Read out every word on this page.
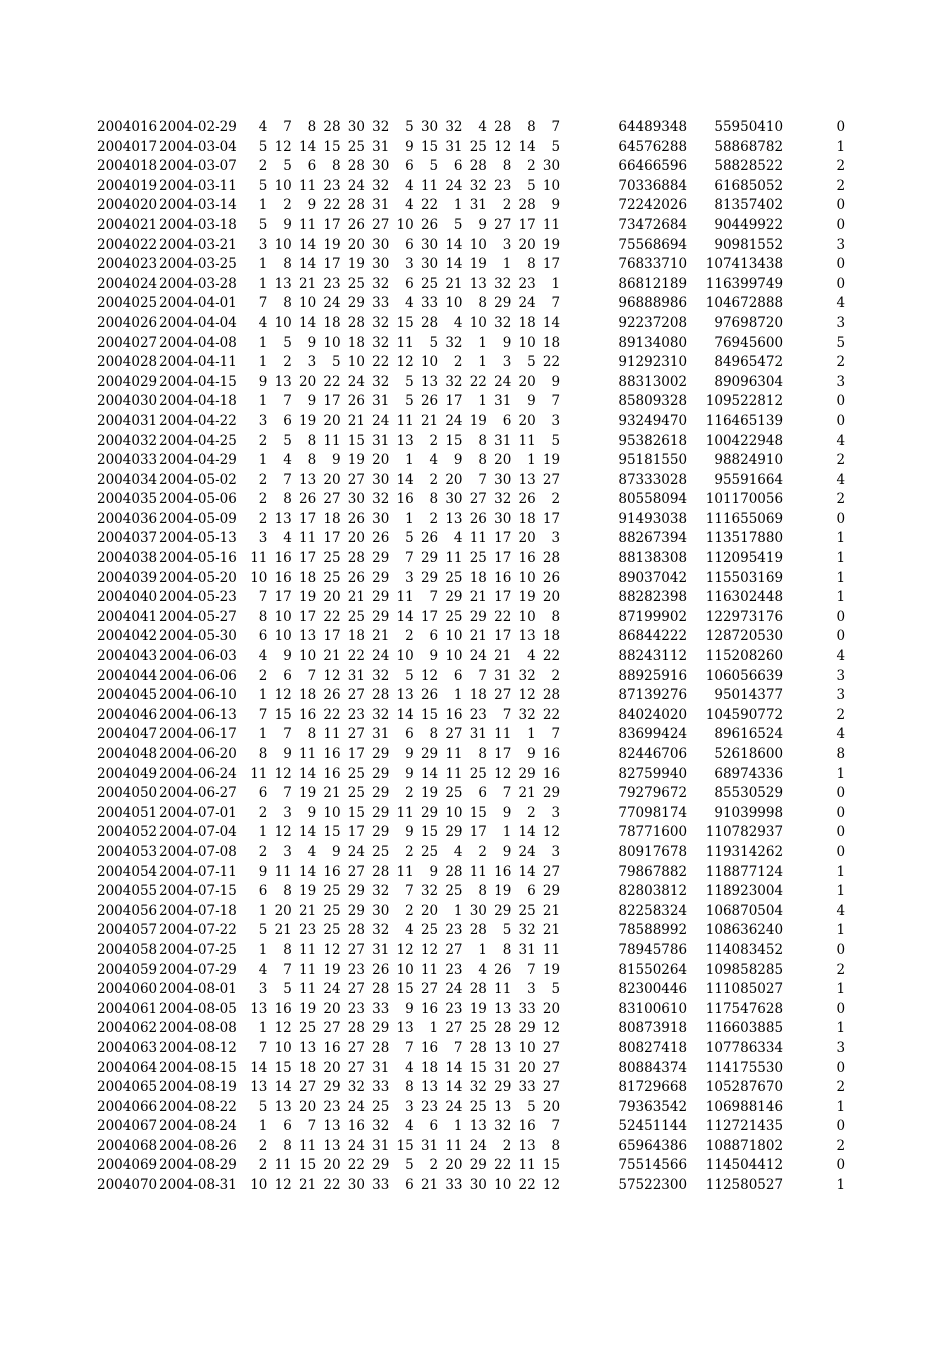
2004016	2004-02-29	4	7	8	28	30	32	5	30	32	4	28	8	7	64489348	55950410	0
2004017	2004-03-04	5	12	14	15	25	31	9	15	31	25	12	14	5	64576288	58868782	1
2004018	2004-03-07	2	5	6	8	28	30	6	5	6	28	8	2	30	66466596	58828522	2
2004019	2004-03-11	5	10	11	23	24	32	4	11	24	32	23	5	10	70336884	61685052	2
2004020	2004-03-14	1	2	9	22	28	31	4	22	1	31	2	28	9	72242026	81357402	0
2004021	2004-03-18	5	9	11	17	26	27	10	26	5	9	27	17	11	73472684	90449922	0
2004022	2004-03-21	3	10	14	19	20	30	6	30	14	10	3	20	19	75568694	90981552	3
2004023	2004-03-25	1	8	14	17	19	30	3	30	14	19	1	8	17	76833710	107413438	0
2004024	2004-03-28	1	13	21	23	25	32	6	25	21	13	32	23	1	86812189	116399749	0
2004025	2004-04-01	7	8	10	24	29	33	4	33	10	8	29	24	7	96888986	104672888	4
2004026	2004-04-04	4	10	14	18	28	32	15	28	4	10	32	18	14	92237208	97698720	3
2004027	2004-04-08	1	5	9	10	18	32	11	5	32	1	9	10	18	89134080	76945600	5
2004028	2004-04-11	1	2	3	5	10	22	12	10	2	1	3	5	22	91292310	84965472	2
2004029	2004-04-15	9	13	20	22	24	32	5	13	32	22	24	20	9	88313002	89096304	3
2004030	2004-04-18	1	7	9	17	26	31	5	26	17	1	31	9	7	85809328	109522812	0
2004031	2004-04-22	3	6	19	20	21	24	11	21	24	19	6	20	3	93249470	116465139	0
2004032	2004-04-25	2	5	8	11	15	31	13	2	15	8	31	11	5	95382618	100422948	4
2004033	2004-04-29	1	4	8	9	19	20	1	4	9	8	20	1	19	95181550	98824910	2
2004034	2004-05-02	2	7	13	20	27	30	14	2	20	7	30	13	27	87333028	95591664	4
2004035	2004-05-06	2	8	26	27	30	32	16	8	30	27	32	26	2	80558094	101170056	2
2004036	2004-05-09	2	13	17	18	26	30	1	2	13	26	30	18	17	91493038	111655069	0
2004037	2004-05-13	3	4	11	17	20	26	5	26	4	11	17	20	3	88267394	113517880	1
2004038	2004-05-16	11	16	17	25	28	29	7	29	11	25	17	16	28	88138308	112095419	1
2004039	2004-05-20	10	16	18	25	26	29	3	29	25	18	16	10	26	89037042	115503169	1
2004040	2004-05-23	7	17	19	20	21	29	11	7	29	21	17	19	20	88282398	116302448	1
2004041	2004-05-27	8	10	17	22	25	29	14	17	25	29	22	10	8	87199902	122973176	0
2004042	2004-05-30	6	10	13	17	18	21	2	6	10	21	17	13	18	86844222	128720530	0
2004043	2004-06-03	4	9	10	21	22	24	10	9	10	24	21	4	22	88243112	115208260	4
2004044	2004-06-06	2	6	7	12	31	32	5	12	6	7	31	32	2	88925916	106056639	3
2004045	2004-06-10	1	12	18	26	27	28	13	26	1	18	27	12	28	87139276	95014377	3
2004046	2004-06-13	7	15	16	22	23	32	14	15	16	23	7	32	22	84024020	104590772	2
2004047	2004-06-17	1	7	8	11	27	31	6	8	27	31	11	1	7	83699424	89616524	4
2004048	2004-06-20	8	9	11	16	17	29	9	29	11	8	17	9	16	82446706	52618600	8
2004049	2004-06-24	11	12	14	16	25	29	9	14	11	25	12	29	16	82759940	68974336	1
2004050	2004-06-27	6	7	19	21	25	29	2	19	25	6	7	21	29	79279672	85530529	0
2004051	2004-07-01	2	3	9	10	15	29	11	29	10	15	9	2	3	77098174	91039998	0
2004052	2004-07-04	1	12	14	15	17	29	9	15	29	17	1	14	12	78771600	110782937	0
2004053	2004-07-08	2	3	4	9	24	25	2	25	4	2	9	24	3	80917678	119314262	0
2004054	2004-07-11	9	11	14	16	27	28	11	9	28	11	16	14	27	79867882	118877124	1
2004055	2004-07-15	6	8	19	25	29	32	7	32	25	8	19	6	29	82803812	118923004	1
2004056	2004-07-18	1	20	21	25	29	30	2	20	1	30	29	25	21	82258324	106870504	4
2004057	2004-07-22	5	21	23	25	28	32	4	25	23	28	5	32	21	78588992	108636240	1
2004058	2004-07-25	1	8	11	12	27	31	12	12	27	1	8	31	11	78945786	114083452	0
2004059	2004-07-29	4	7	11	19	23	26	10	11	23	4	26	7	19	81550264	109858285	2
2004060	2004-08-01	3	5	11	24	27	28	15	27	24	28	11	3	5	82300446	111085027	1
2004061	2004-08-05	13	16	19	20	23	33	9	16	23	19	13	33	20	83100610	117547628	0
2004062	2004-08-08	1	12	25	27	28	29	13	1	27	25	28	29	12	80873918	116603885	1
2004063	2004-08-12	7	10	13	16	27	28	7	16	7	28	13	10	27	80827418	107786334	3
2004064	2004-08-15	14	15	18	20	27	31	4	18	14	15	31	20	27	80884374	114175530	0
2004065	2004-08-19	13	14	27	29	32	33	8	13	14	32	29	33	27	81729668	105287670	2
2004066	2004-08-22	5	13	20	23	24	25	3	23	24	25	13	5	20	79363542	106988146	1
2004067	2004-08-24	1	6	7	13	16	32	4	6	1	13	32	16	7	52451144	112721435	0
2004068	2004-08-26	2	8	11	13	24	31	15	31	11	24	2	13	8	65964386	108871802	2
2004069	2004-08-29	2	11	15	20	22	29	5	2	20	29	22	11	15	75514566	114504412	0
2004070	2004-08-31	10	12	21	22	30	33	6	21	33	30	10	22	12	57522300	112580527	1
